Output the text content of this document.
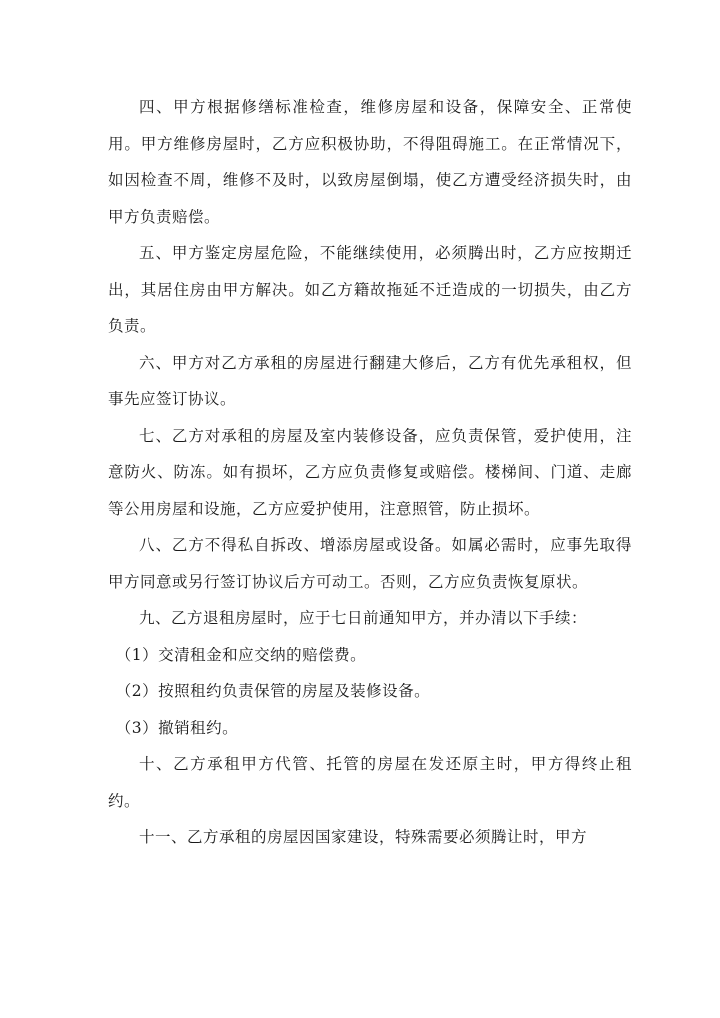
四、甲方根据修缮标准检查，维修房屋和设备，保障安全、正常使用。甲方维修房屋时，乙方应积极协助，不得阻碍施工。在正常情况下，如因检查不周，维修不及时，以致房屋倒塌，使乙方遭受经济损失时，由甲方负责赔偿。

五、甲方鉴定房屋危险，不能继续使用，必须腾出时，乙方应按期迁出，其居住房由甲方解决。如乙方籍故拖延不迁造成的一切损失，由乙方负责。

六、甲方对乙方承租的房屋进行翻建大修后，乙方有优先承租权，但事先应签订协议。

七、乙方对承租的房屋及室内装修设备，应负责保管，爱护使用，注意防火、防冻。如有损坏，乙方应负责修复或赔偿。楼梯间、门道、走廊等公用房屋和设施，乙方应爱护使用，注意照管，防止损坏。

八、乙方不得私自拆改、增添房屋或设备。如属必需时，应事先取得甲方同意或另行签订协议后方可动工。否则，乙方应负责恢复原状。

九、乙方退租房屋时，应于七日前通知甲方，并办清以下手续：

（1）交清租金和应交纳的赔偿费。

（2）按照租约负责保管的房屋及装修设备。

（3）撤销租约。

十、乙方承租甲方代管、托管的房屋在发还原主时，甲方得终止租约。

十一、乙方承租的房屋因国家建设，特殊需要必须腾让时，甲方
